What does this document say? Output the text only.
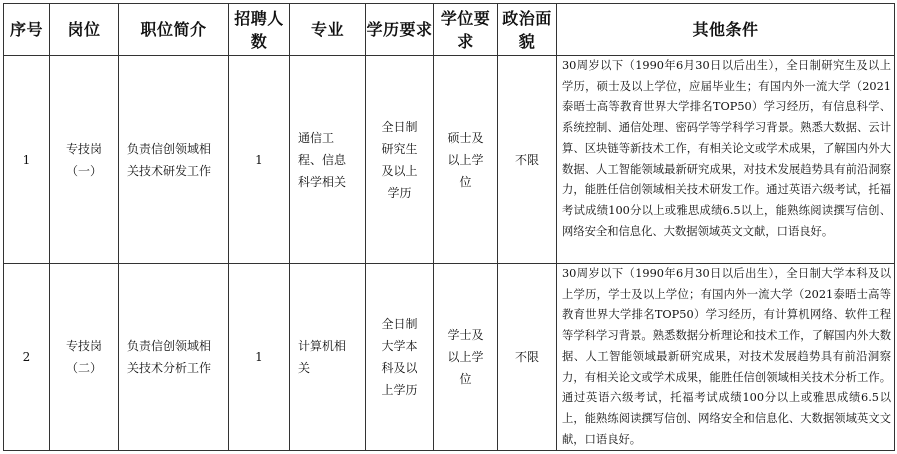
序号	岗位	职位简介	招聘人数	专业	学历要求	学位要求	政治面貌	其他条件
1	专技岗（一）	负责信创领域相关技术研发工作	1	通信工程、信息科学相关	全日制研究生及以上学历	硕士及以上学位	不限	30周岁以下（1990年6月30日以后出生），全日制研究生及以上学历，硕士及以上学位，应届毕业生；有国内外一流大学（2021泰晤士高等教育世界大学排名TOP50）学习经历，有信息科学、系统控制、通信处理、密码学等学科学习背景。熟悉大数据、云计算、区块链等新技术工作，有相关论文或学术成果，了解国内外大数据、人工智能领域最新研究成果，对技术发展趋势具有前沿洞察力，能胜任信创领域相关技术研发工作。通过英语六级考试，托福考试成绩100分以上或雅思成绩6.5以上，能熟练阅读撰写信创、网络安全和信息化、大数据领域英文文献，口语良好。
2	专技岗（二）	负责信创领域相关技术分析工作	1	计算机相关	全日制大学本科及以上学历	学士及以上学位	不限	30周岁以下（1990年6月30日以后出生），全日制大学本科及以上学历，学士及以上学位；有国内外一流大学（2021泰晤士高等教育世界大学排名TOP50）学习经历，有计算机网络、软件工程等学科学习背景。熟悉数据分析理论和技术工作，了解国内外大数据、人工智能领域最新研究成果，对技术发展趋势具有前沿洞察力，有相关论文或学术成果，能胜任信创领域相关技术分析工作。通过英语六级考试，托福考试成绩100分以上或雅思成绩6.5以上，能熟练阅读撰写信创、网络安全和信息化、大数据领域英文文献，口语良好。
